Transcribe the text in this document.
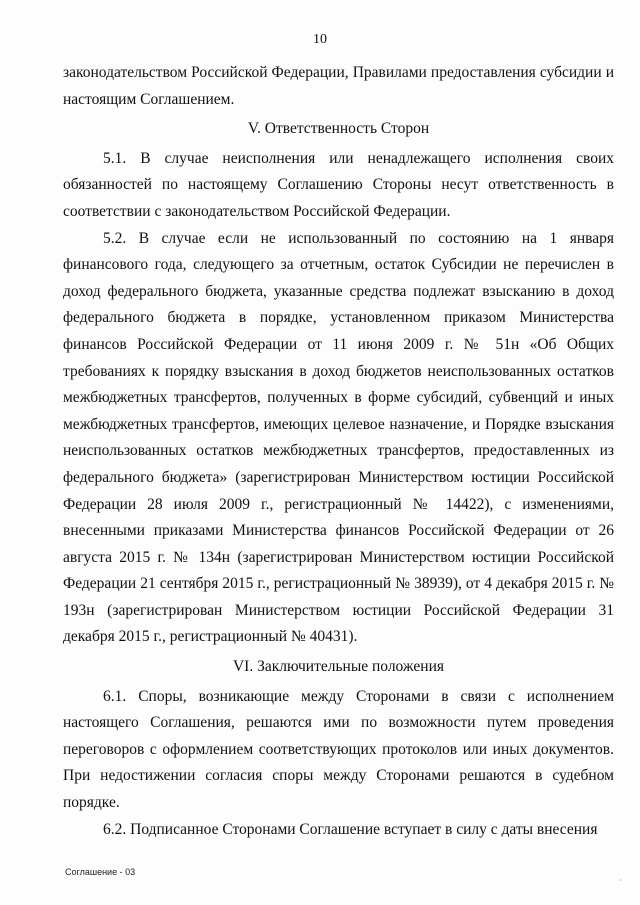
10

законодательством Российской Федерации, Правилами предоставления субсидии и настоящим Соглашением.

V. Ответственность Сторон

5.1. В случае неисполнения или ненадлежащего исполнения своих обязанностей по настоящему Соглашению Стороны несут ответственность в соответствии с законодательством Российской Федерации.

5.2. В случае если не использованный по состоянию на 1 января финансового года, следующего за отчетным, остаток Субсидии не перечислен в доход федерального бюджета, указанные средства подлежат взысканию в доход федерального бюджета в порядке, установленном приказом Министерства финансов Российской Федерации от 11 июня 2009 г. № 51н «Об Общих требованиях к порядку взыскания в доход бюджетов неиспользованных остатков межбюджетных трансфертов, полученных в форме субсидий, субвенций и иных межбюджетных трансфертов, имеющих целевое назначение, и Порядке взыскания неиспользованных остатков межбюджетных трансфертов, предоставленных из федерального бюджета» (зарегистрирован Министерством юстиции Российской Федерации 28 июля 2009 г., регистрационный № 14422), с изменениями, внесенными приказами Министерства финансов Российской Федерации от 26 августа 2015 г. № 134н (зарегистрирован Министерством юстиции Российской Федерации 21 сентября 2015 г., регистрационный № 38939), от 4 декабря 2015 г. № 193н (зарегистрирован Министерством юстиции Российской Федерации 31 декабря 2015 г., регистрационный № 40431).

VI. Заключительные положения

6.1. Споры, возникающие между Сторонами в связи с исполнением настоящего Соглашения, решаются ими по возможности путем проведения переговоров с оформлением соответствующих протоколов или иных документов. При недостижении согласия споры между Сторонами решаются в судебном порядке.

6.2. Подписанное Сторонами Соглашение вступает в силу с даты внесения

Соглашение - 03
·
